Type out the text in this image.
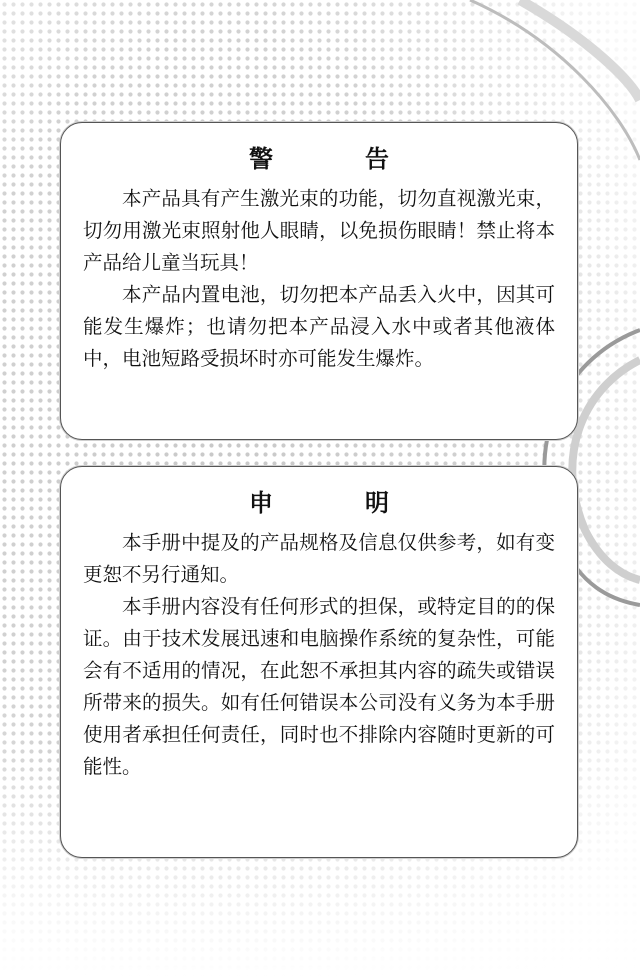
警　告

本产品具有产生激光束的功能，切勿直视激光束，切勿用激光束照射他人眼睛，以免损伤眼睛！禁止将本产品给儿童当玩具！

本产品内置电池，切勿把本产品丢入火中，因其可能发生爆炸；也请勿把本产品浸入水中或者其他液体中，电池短路受损坏时亦可能发生爆炸。

申　明

本手册中提及的产品规格及信息仅供参考，如有变更恕不另行通知。

本手册内容没有任何形式的担保，或特定目的的保证。由于技术发展迅速和电脑操作系统的复杂性，可能会有不适用的情况，在此恕不承担其内容的疏失或错误所带来的损失。如有任何错误本公司没有义务为本手册使用者承担任何责任，同时也不排除内容随时更新的可能性。
